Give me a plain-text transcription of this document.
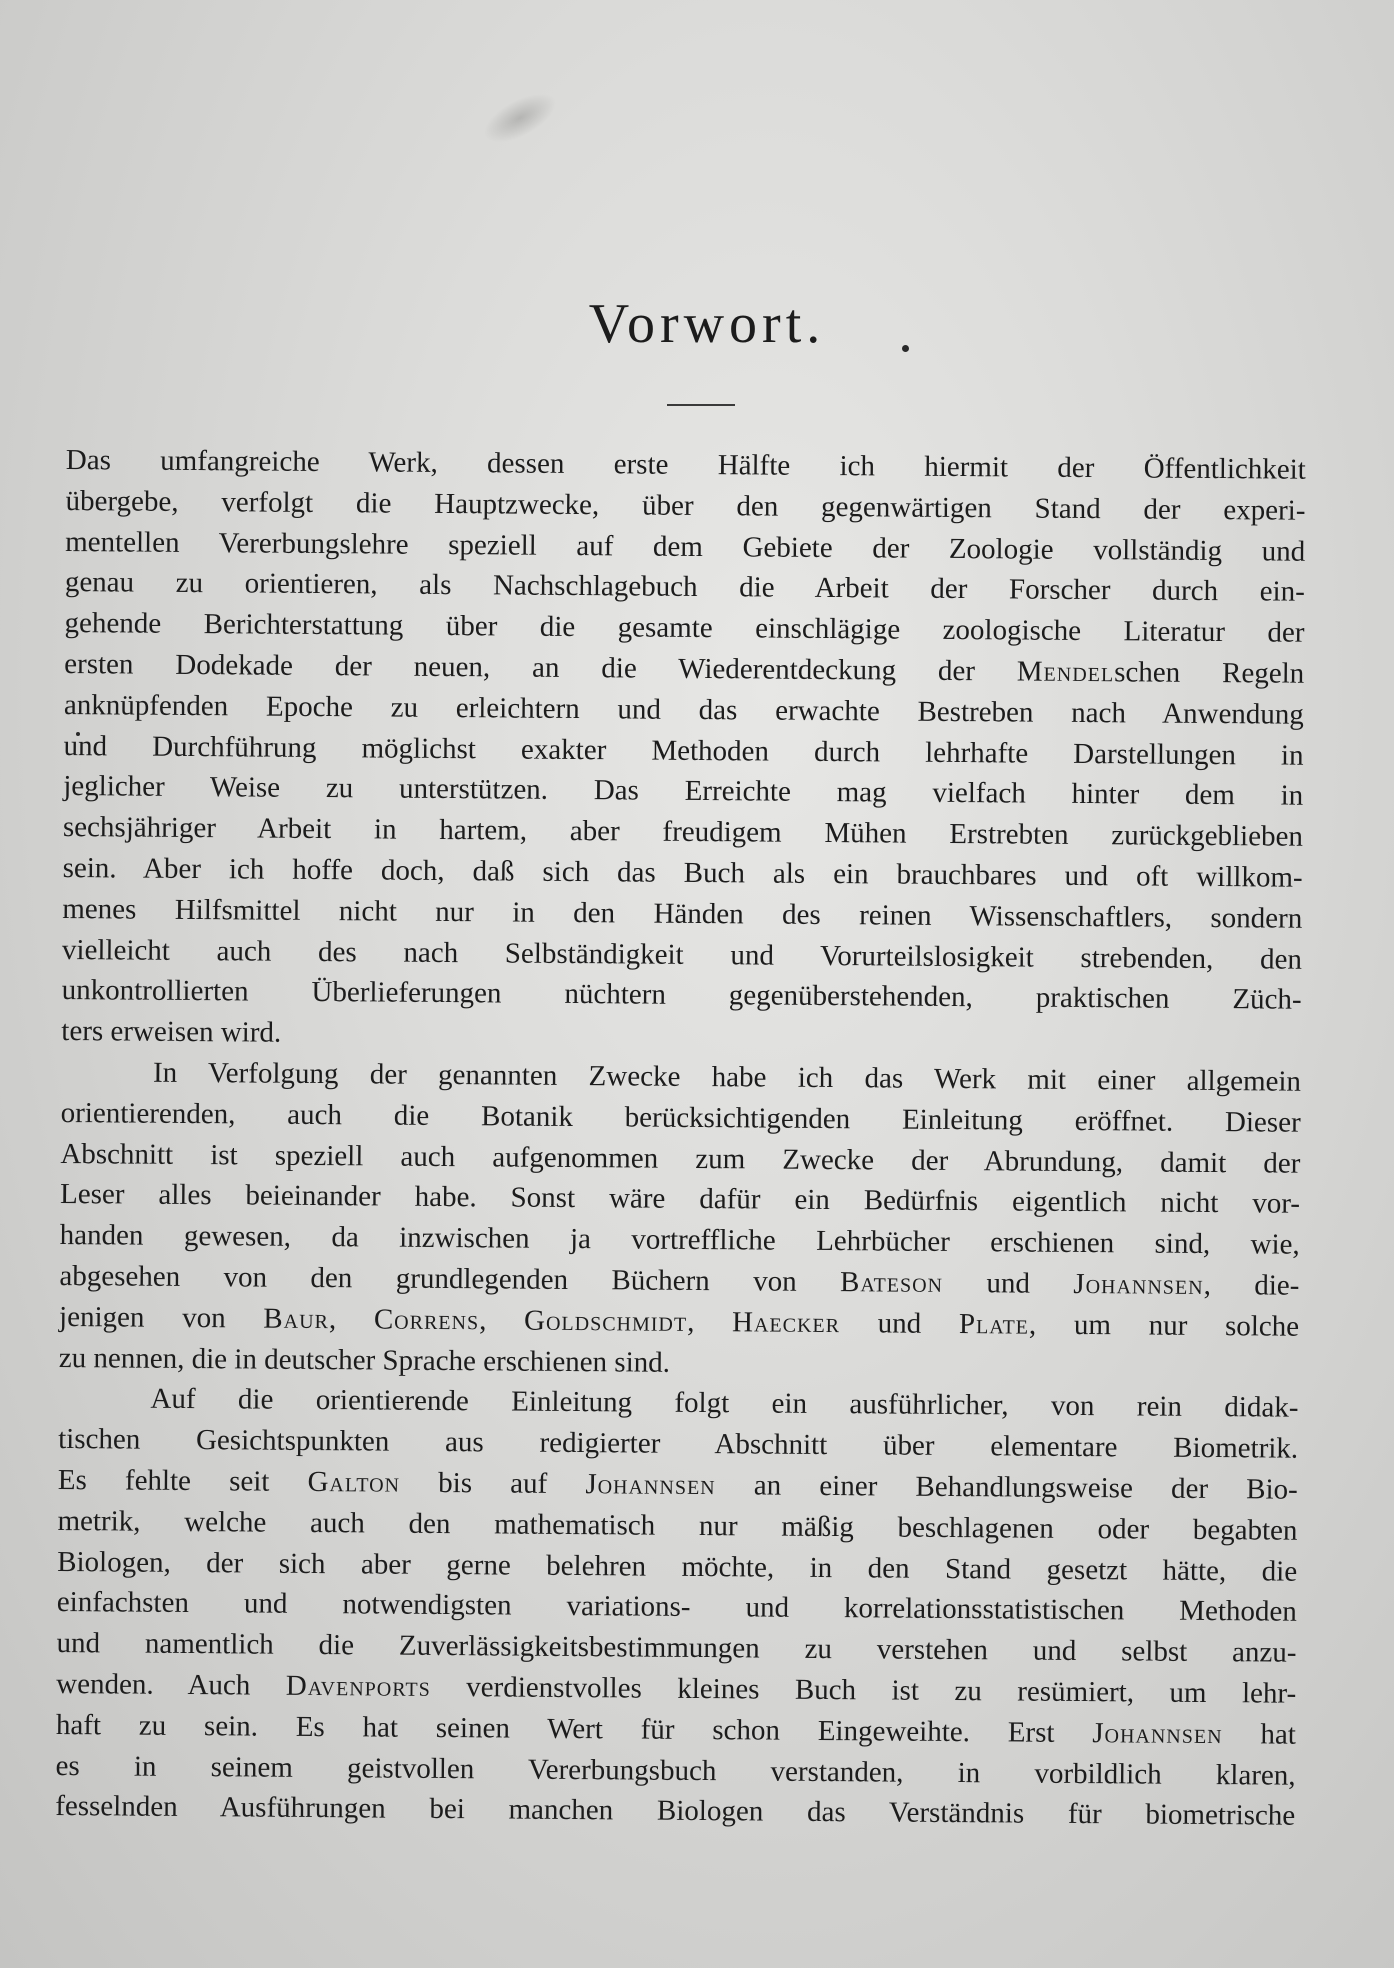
Vorwort.
Das umfangreiche Werk, dessen erste Hälfte ich hiermit der Öffentlichkeit
übergebe, verfolgt die Hauptzwecke, über den gegenwärtigen Stand der experi-
mentellen Vererbungslehre speziell auf dem Gebiete der Zoologie vollständig und
genau zu orientieren, als Nachschlagebuch die Arbeit der Forscher durch ein-
gehende Berichterstattung über die gesamte einschlägige zoologische Literatur der
ersten Dodekade der neuen, an die Wiederentdeckung der Mendelschen Regeln
anknüpfenden Epoche zu erleichtern und das erwachte Bestreben nach Anwendung
und Durchführung möglichst exakter Methoden durch lehrhafte Darstellungen in
jeglicher Weise zu unterstützen. Das Erreichte mag vielfach hinter dem in
sechsjähriger Arbeit in hartem, aber freudigem Mühen Erstrebten zurückgeblieben
sein. Aber ich hoffe doch, daß sich das Buch als ein brauchbares und oft willkom-
menes Hilfsmittel nicht nur in den Händen des reinen Wissenschaftlers, sondern
vielleicht auch des nach Selbständigkeit und Vorurteilslosigkeit strebenden, den
unkontrollierten Überlieferungen nüchtern gegenüberstehenden, praktischen Züch-
ters erweisen wird.
In Verfolgung der genannten Zwecke habe ich das Werk mit einer allgemein
orientierenden, auch die Botanik berücksichtigenden Einleitung eröffnet. Dieser
Abschnitt ist speziell auch aufgenommen zum Zwecke der Abrundung, damit der
Leser alles beieinander habe. Sonst wäre dafür ein Bedürfnis eigentlich nicht vor-
handen gewesen, da inzwischen ja vortreffliche Lehrbücher erschienen sind, wie,
abgesehen von den grundlegenden Büchern von Bateson und Johannsen, die-
jenigen von Baur, Correns, Goldschmidt, Haecker und Plate, um nur solche
zu nennen, die in deutscher Sprache erschienen sind.
Auf die orientierende Einleitung folgt ein ausführlicher, von rein didak-
tischen Gesichtspunkten aus redigierter Abschnitt über elementare Biometrik.
Es fehlte seit Galton bis auf Johannsen an einer Behandlungsweise der Bio-
metrik, welche auch den mathematisch nur mäßig beschlagenen oder begabten
Biologen, der sich aber gerne belehren möchte, in den Stand gesetzt hätte, die
einfachsten und notwendigsten variations- und korrelationsstatistischen Methoden
und namentlich die Zuverlässigkeitsbestimmungen zu verstehen und selbst anzu-
wenden. Auch Davenports verdienstvolles kleines Buch ist zu resümiert, um lehr-
haft zu sein. Es hat seinen Wert für schon Eingeweihte. Erst Johannsen hat
es in seinem geistvollen Vererbungsbuch verstanden, in vorbildlich klaren,
fesselnden Ausführungen bei manchen Biologen das Verständnis für biometrische
